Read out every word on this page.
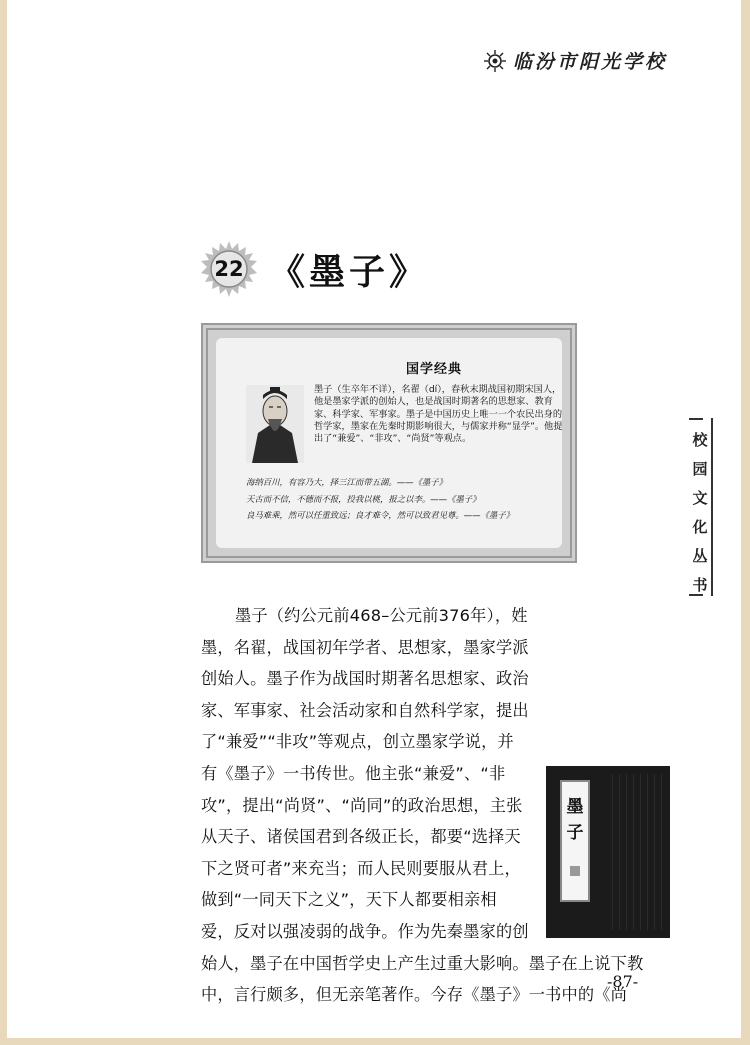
临汾市阳光学校
22 《墨子》
国学经典
墨子（生卒年不详），名翟（dí），春秋末期战国初期宋国人，他是墨家学派的创始人，也是战国时期著名的思想家、教育家、科学家、军事家。墨子是中国历史上唯一一个农民出身的哲学家，墨家在先秦时期影响很大，与儒家并称“显学”。他提出了“兼爱”、“非攻”、“尚贤”等观点。
海纳百川，有容乃大，择三江而带五湖。——《墨子》
天古而不信，不德而不报，投我以桃，报之以李。——《墨子》
良马难乘，然可以任重致远；良才难令，然可以致君见尊。——《墨子》
校
园
文
化
丛
书
墨
子

墨子（约公元前468–公元前376年），姓墨，名翟，战国初年学者、思想家，墨家学派创始人。墨子作为战国时期著名思想家、政治家、军事家、社会活动家和自然科学家，提出了“兼爱”“非攻”等观点，创立墨家学说，并有《墨子》一书传世。他主张“兼爱”、“非攻”，提出“尚贤”、“尚同”的政治思想，主张从天子、诸侯国君到各级正长，都要“选择天下之贤可者”来充当；而人民则要服从君上，做到“一同天下之义”，天下人都要相亲相爱，反对以强凌弱的战争。作为先秦墨家的创始人，墨子在中国哲学史上产生过重大影响。墨子在上说下教中，言行颇多，但无亲笔著作。今存《墨子》一书中的《尚

-87-
